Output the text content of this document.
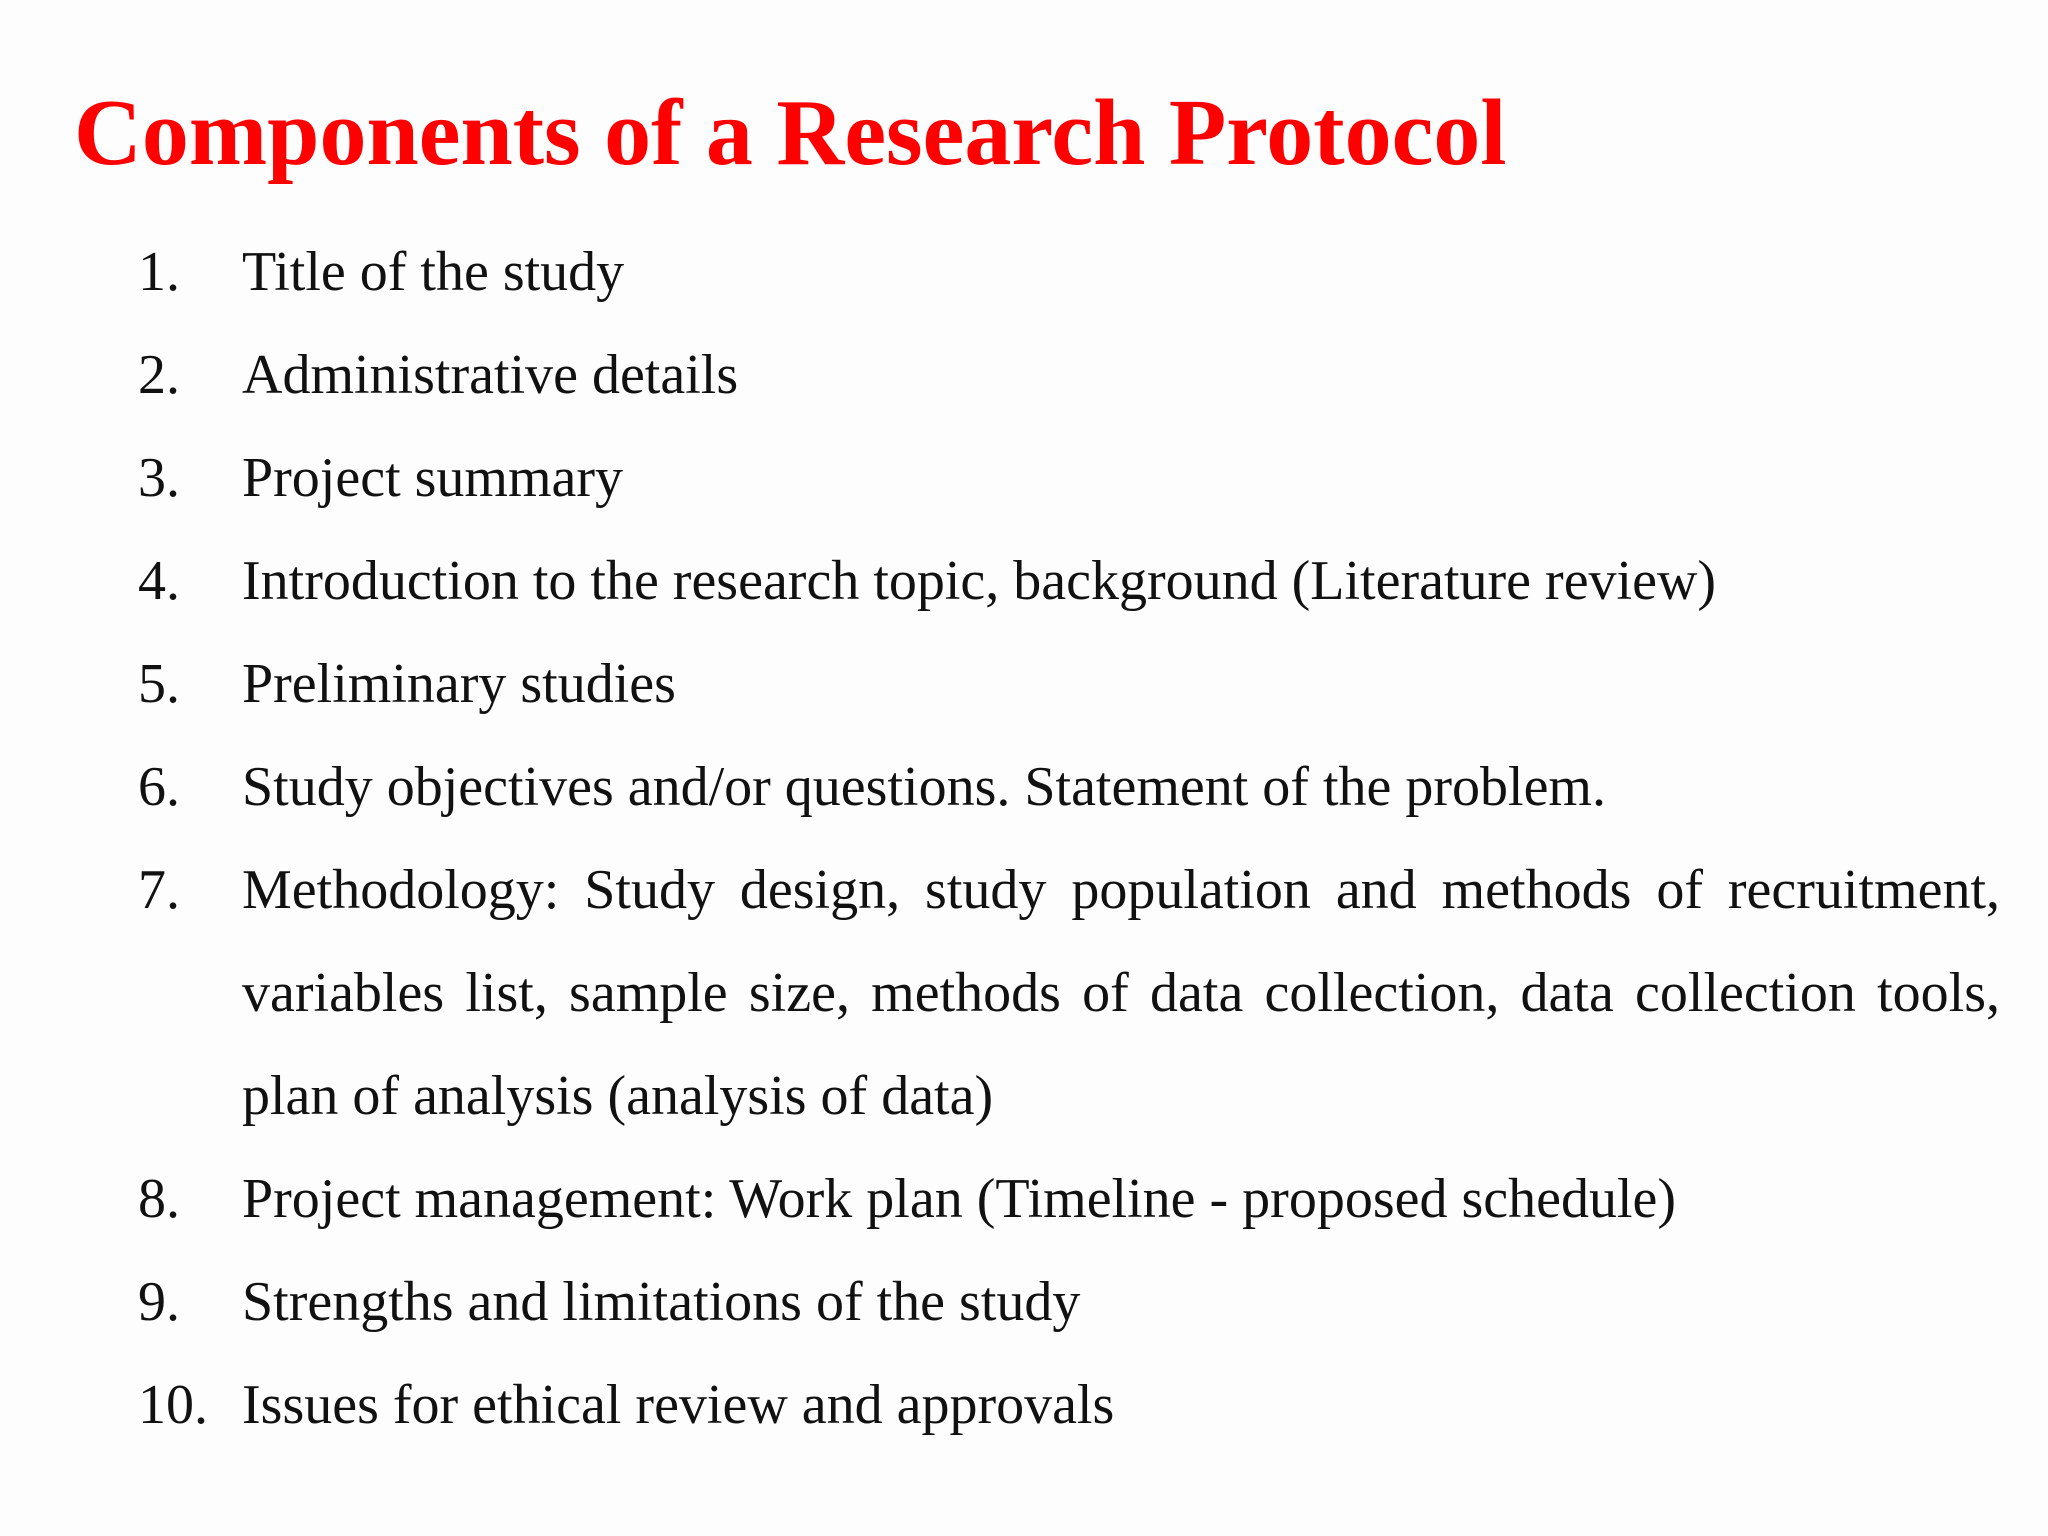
Components of a Research Protocol
1.	Title of the study
2.	Administrative details
3.	Project summary
4.	Introduction to the research topic, background (Literature review)
5.	Preliminary studies
6.	Study objectives and/or questions. Statement of the problem.
7.	Methodology: Study design, study population and methods of recruitment, variables list, sample size, methods of data collection, data collection tools, plan of analysis (analysis of data)
8.	Project management: Work plan (Timeline - proposed schedule)
9.	Strengths and limitations of the study
10. Issues for ethical review and approvals
